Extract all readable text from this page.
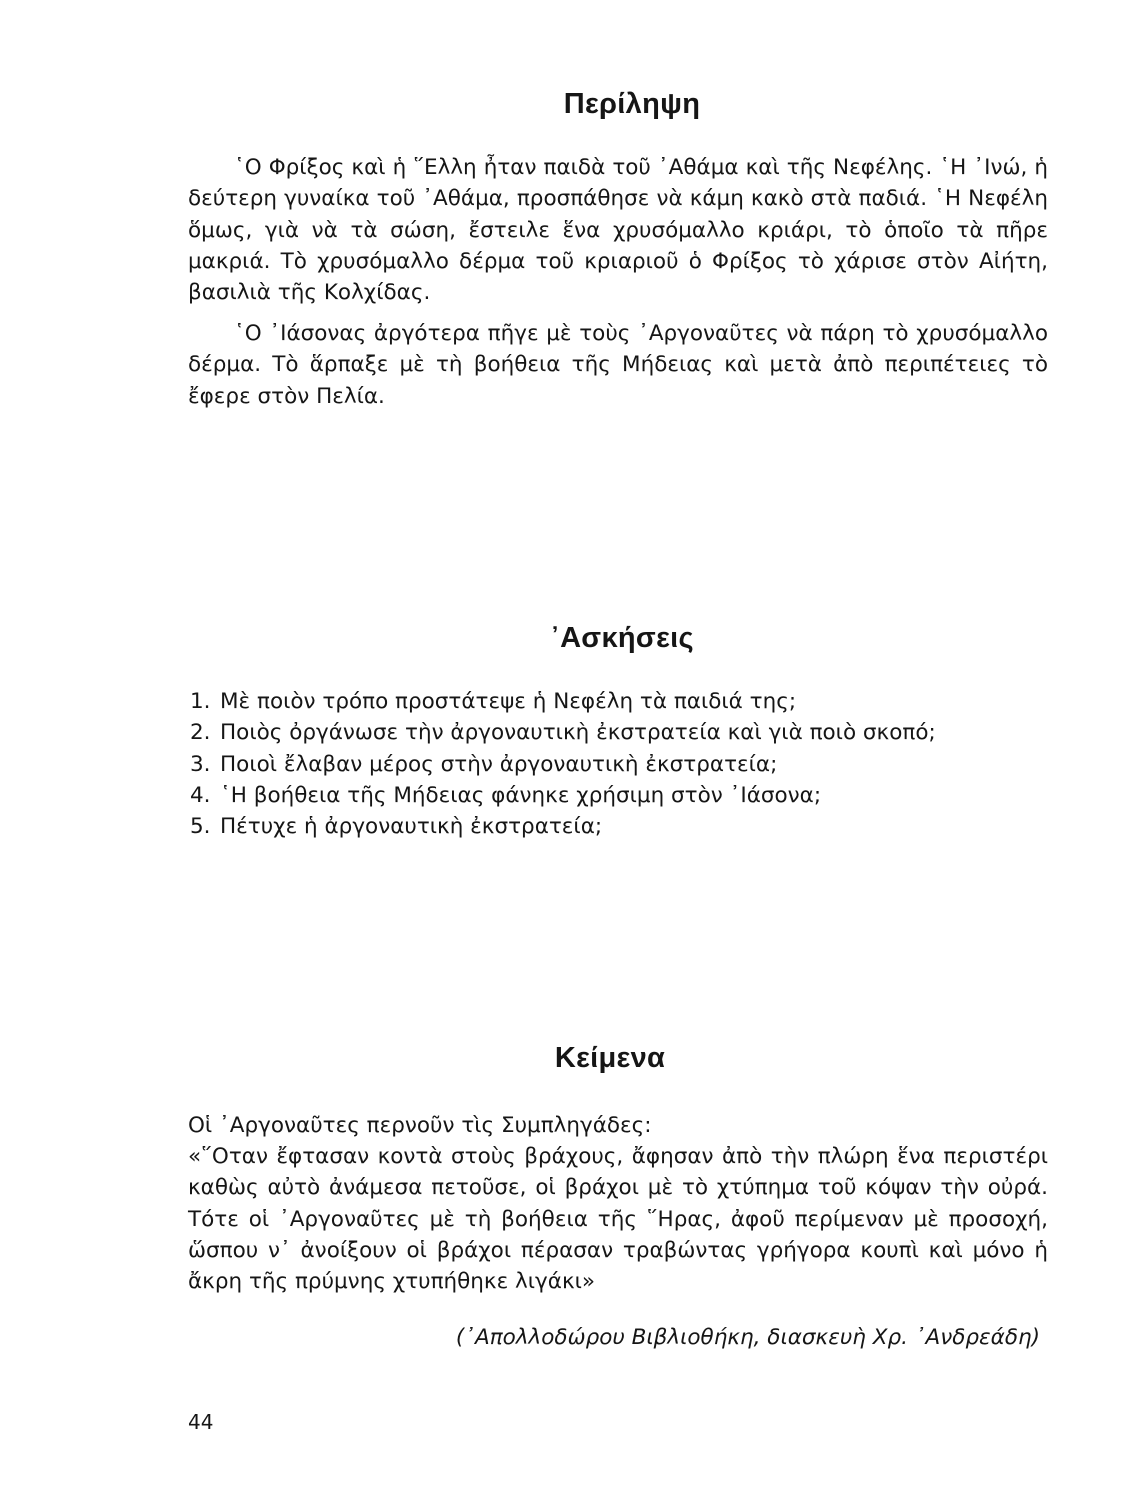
Περίληψη

῾Ο Φρίξος καὶ ἡ ῞Ελλη ἦταν παιδὰ τοῦ ᾿Αθάμα καὶ τῆς Νεφέλης. ῾Η ᾿Ινώ, ἡ δεύτερη γυναίκα τοῦ ᾿Αθάμα, προσπάθησε νὰ κάμη κακὸ στὰ παδιά. ῾Η Νεφέλη ὅμως, γιὰ νὰ τὰ σώση, ἔστειλε ἕνα χρυσόμαλλο κριάρι, τὸ ὁποῖο τὰ πῆρε μακριά. Τὸ χρυσόμαλλο δέρμα τοῦ κριαριοῦ ὁ Φρίξος τὸ χάρισε στὸν Αἰήτη, βασιλιὰ τῆς Κολχίδας.

῾Ο ᾿Ιάσονας ἀργότερα πῆγε μὲ τοὺς ᾿Αργοναῦτες νὰ πάρη τὸ χρυσόμαλλο δέρμα. Τὸ ἅρπαξε μὲ τὴ βοήθεια τῆς Μήδειας καὶ μετὰ ἀπὸ περιπέτειες τὸ ἔφερε στὸν Πελία.

᾿Ασκήσεις
1. Μὲ ποιὸν τρόπο προστάτεψε ἡ Νεφέλη τὰ παιδιά της;
2. Ποιὸς ὀργάνωσε τὴν ἀργοναυτικὴ ἐκστρατεία καὶ γιὰ ποιὸ σκοπό;
3. Ποιοὶ ἔλαβαν μέρος στὴν ἀργοναυτικὴ ἐκστρατεία;
4. ῾Η βοήθεια τῆς Μήδειας φάνηκε χρήσιμη στὸν ᾿Ιάσονα;
5. Πέτυχε ἡ ἀργοναυτικὴ ἐκστρατεία;
Κείμενα

Οἱ ᾿Αργοναῦτες περνοῦν τὶς Συμπληγάδες:

«῞Οταν ἔφτασαν κοντὰ στοὺς βράχους, ἄφησαν ἀπὸ τὴν πλώρη ἕνα περιστέρι καθὼς αὐτὸ ἀνάμεσα πετοῦσε, οἱ βράχοι μὲ τὸ χτύπημα τοῦ κόψαν τὴν οὐρά. Τότε οἱ ᾿Αργοναῦτες μὲ τὴ βοήθεια τῆς ῞Ηρας, ἀφοῦ περίμεναν μὲ προσοχή, ὥσπου ν᾿ ἀνοίξουν οἱ βράχοι πέρασαν τραβώντας γρήγορα κουπὶ καὶ μόνο ἡ ἄκρη τῆς πρύμνης χτυπήθηκε λιγάκι»

(᾿Απολλοδώρου Βιβλιοθήκη, διασκευὴ Χρ. ᾿Ανδρεάδη)

44
